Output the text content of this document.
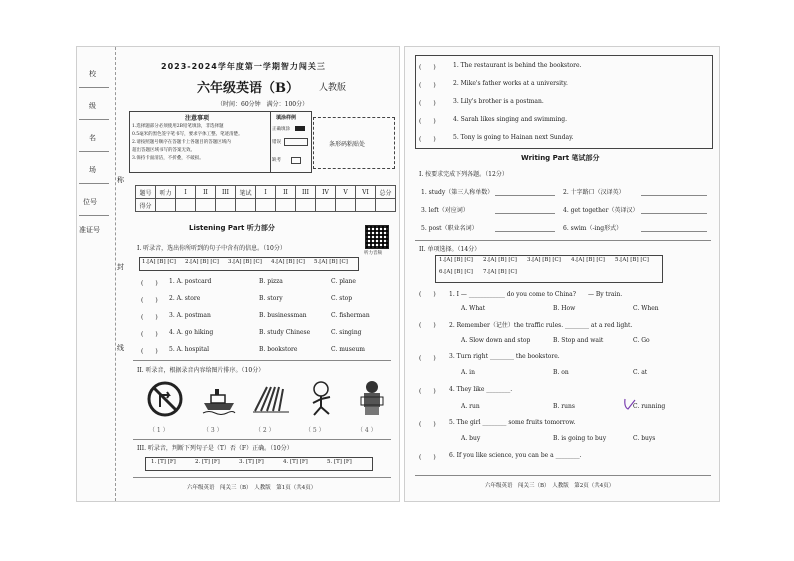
校
级
名
场
位号
准证号
称
封
线
2023-2024学年度第一学期智力闯关三
六年级英语（B） 人教版
（时间：60分钟　满分：100分）
注意事项
1.选择题部分必须使用2B铅笔填涂，非选择题
0.5毫米的黑色签字笔书写，要求字体工整、笔迹清楚。
2.请按照题号顺序在答题卡上各题目的答题区域内
超出答题区域书写的答案无效。
3.保持卡面清洁，不折叠，不破损。
填涂样例
正确填涂
错误
缺考
条形码粘贴处
题号	听力	I	II	III	笔试	I	II	III	IV	V	VI	总分
得分												
Listening Part 听力部分
听力音频
I. 听录音，选出你所听到的句子中含有的信息。（10分）
1.[A] [B] [C] 2.[A] [B] [C] 3.[A] [B] [C] 4.[A] [B] [C] 5.[A] [B] [C]
(　　) 1. A. postcard	B. pizza	C. plane
(　　) 2. A. store	B. story	C. stop
(　　) 3. A. postman	B. businessman	C. fisherman
(　　) 4. A. go hiking	B. study Chinese	C. singing
(　　) 5. A. hospital	B. bookstore	C. museum
II. 听录音，根据录音内容给图片排序。（10分）
（ 1 ）	（ 3 ）	（ 2 ）	（ 5 ）	（ 4 ）
III. 听录音，判断下列句子是（T）否（F）正确。（10分）
1. [T] [F]	2. [T] [F]	3. [T] [F]	4. [T] [F]	5. [T] [F]
六年级英语　闯关三（B）　人教版　第1页（共4页）
(　　)	1. The restaurant is behind the bookstore.
(　　)	2. Mike's father works at a university.
(　　)	3. Lily's brother is a postman.
(　　)	4. Sarah likes singing and swimming.
(　　)	5. Tony is going to Hainan next Sunday.
Writing Part 笔试部分
I. 按要求完成下列各题。（12分）
1. study（第三人称单数）	2. 十字路口（汉译英）
3. left（对应词）	4. get together（英译汉）
5. post（职业名词）	6. swim（-ing形式）
II. 单项选择。（14分）
1.[A] [B] [C] 2.[A] [B] [C] 3.[A] [B] [C] 4.[A] [B] [C] 5.[A] [B] [C]
6.[A] [B] [C] 7.[A] [B] [C]
(　　) 1. I — ____________ do you come to China?　　— By train.
A. What	B. How	C. When
(　　) 2. Remember（记住）the traffic rules. ________ at a red light.
A. Slow down and stop	B. Stop and wait	C. Go
(　　) 3. Turn right ________ the bookstore.
A. in	B. on	C. at
(　　) 4. They like ________.
A. run	B. runs	C. running
(　　) 5. The girl ________ some fruits tomorrow.
A. buy	B. is going to buy	C. buys
(　　) 6. If you like science, you can be a ________.
六年级英语　闯关三（B）　人教版　第2页（共4页）
